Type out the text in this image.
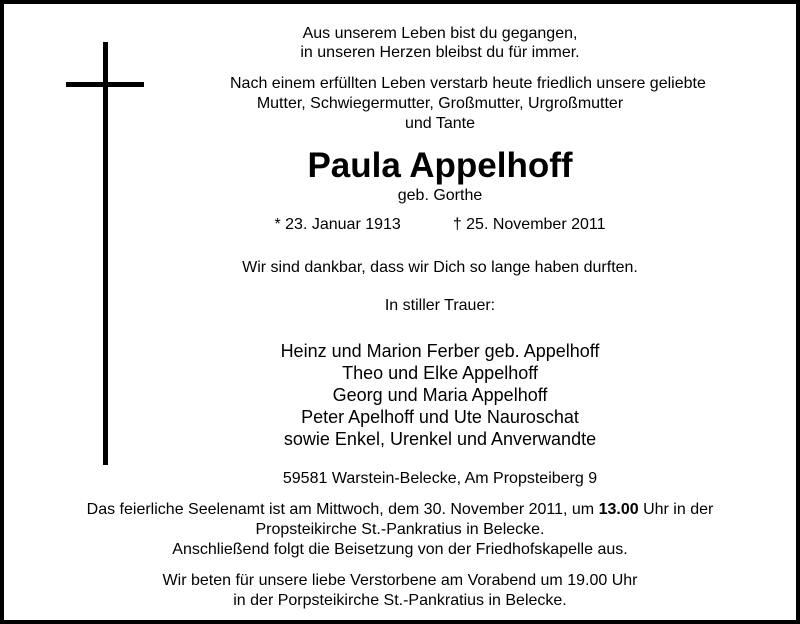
Aus unserem Leben bist du gegangen,
in unseren Herzen bleibst du für immer.
Nach einem erfüllten Leben verstarb heute friedlich unsere geliebte
Mutter, Schwiegermutter, Großmutter, Urgroßmutter
und Tante
Paula Appelhoff
geb. Gorthe
* 23. Januar 1913	† 25. November 2011
Wir sind dankbar, dass wir Dich so lange haben durften.
In stiller Trauer:
Heinz und Marion Ferber geb. Appelhoff
Theo und Elke Appelhoff
Georg und Maria Appelhoff
Peter Apelhoff und Ute Nauroschat
sowie Enkel, Urenkel und Anverwandte
59581 Warstein-Belecke, Am Propsteiberg 9
Das feierliche Seelenamt ist am Mittwoch, dem 30. November 2011, um 13.00 Uhr in der
Propsteikirche St.-Pankratius in Belecke.
Anschließend folgt die Beisetzung von der Friedhofskapelle aus.
Wir beten für unsere liebe Verstorbene am Vorabend um 19.00 Uhr
in der Porpsteikirche St.-Pankratius in Belecke.
